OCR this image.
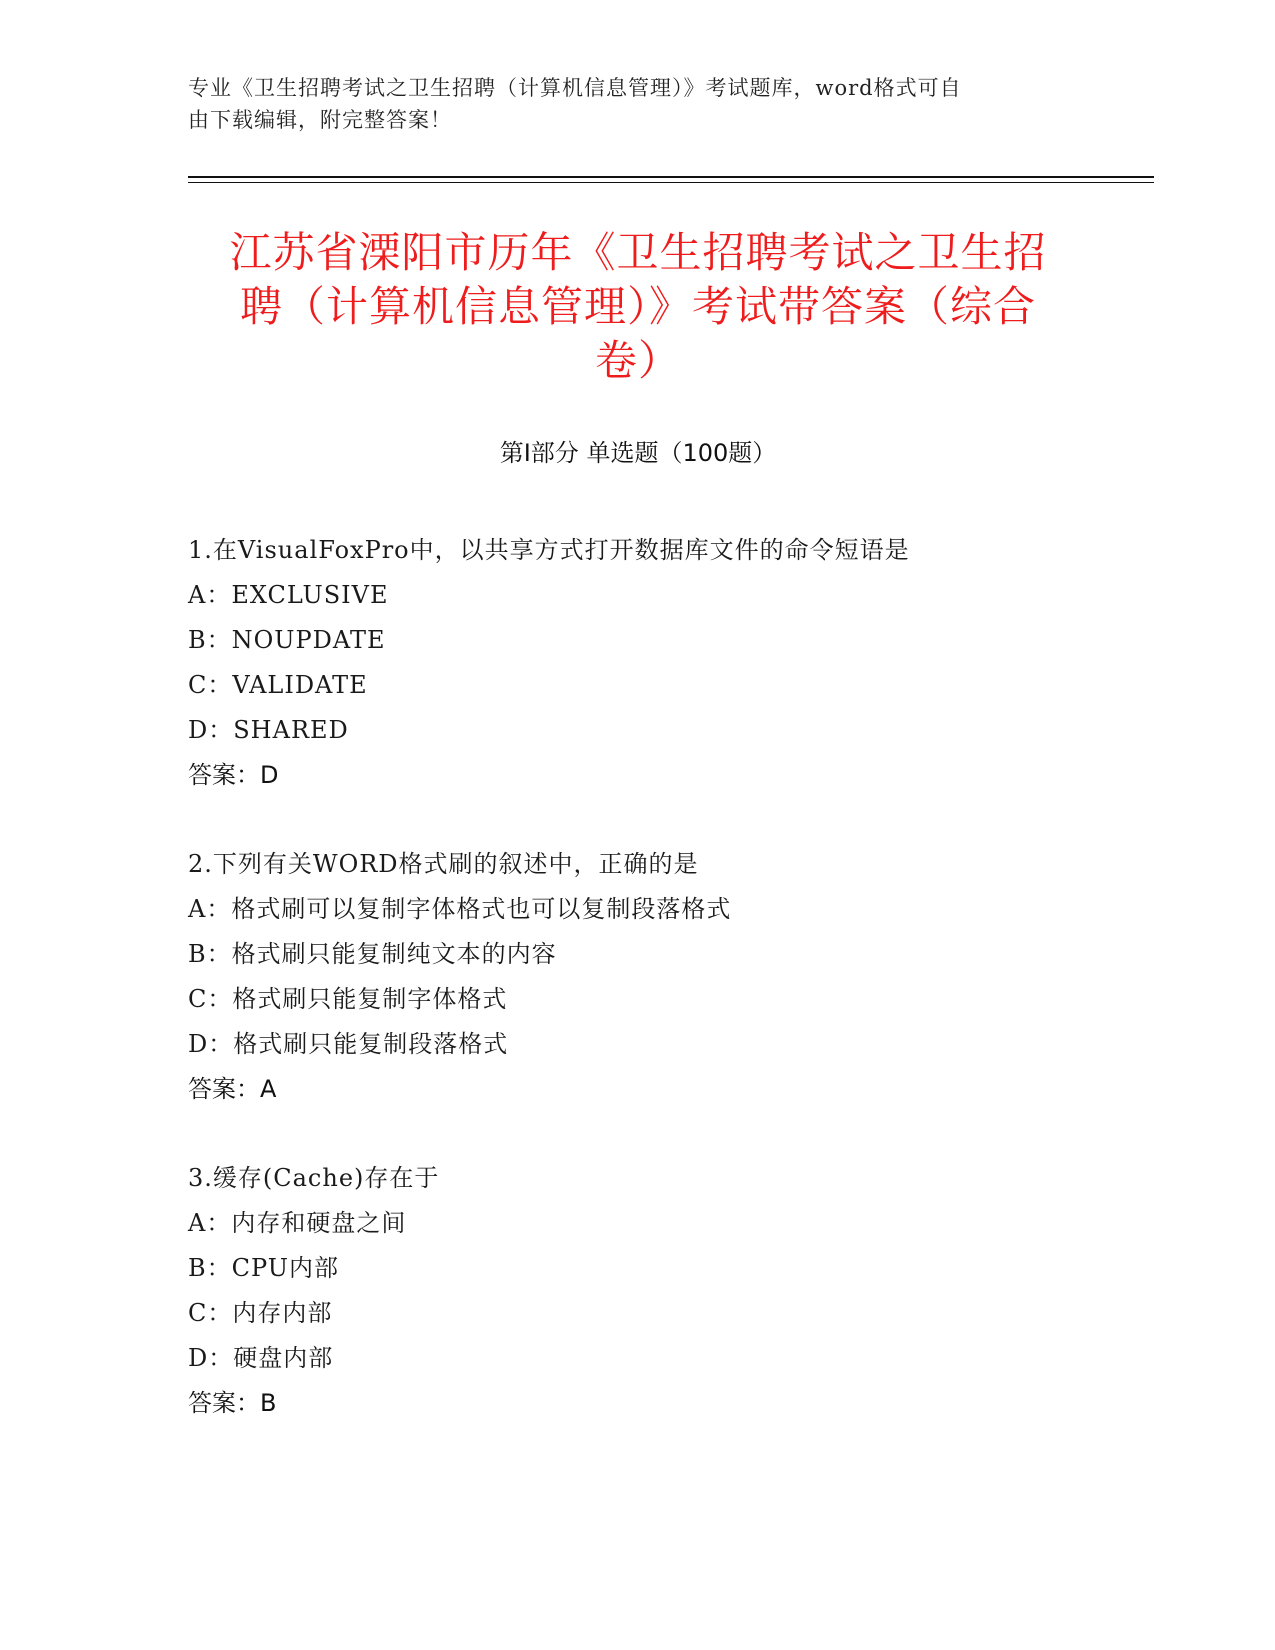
专业《卫生招聘考试之卫生招聘（计算机信息管理）》考试题库，word格式可自
由下载编辑，附完整答案！
江苏省溧阳市历年《卫生招聘考试之卫生招
聘（计算机信息管理）》考试带答案（综合
卷）
第Ⅰ部分 单选题（100题）
1.在VisualFoxPro中，以共享方式打开数据库文件的命令短语是
A：EXCLUSIVE
B：NOUPDATE
C：VALIDATE
D：SHARED
答案：D
2.下列有关WORD格式刷的叙述中，正确的是
A：格式刷可以复制字体格式也可以复制段落格式
B：格式刷只能复制纯文本的内容
C：格式刷只能复制字体格式
D：格式刷只能复制段落格式
答案：A
3.缓存(Cache)存在于
A：内存和硬盘之间
B：CPU内部
C：内存内部
D：硬盘内部
答案：B
